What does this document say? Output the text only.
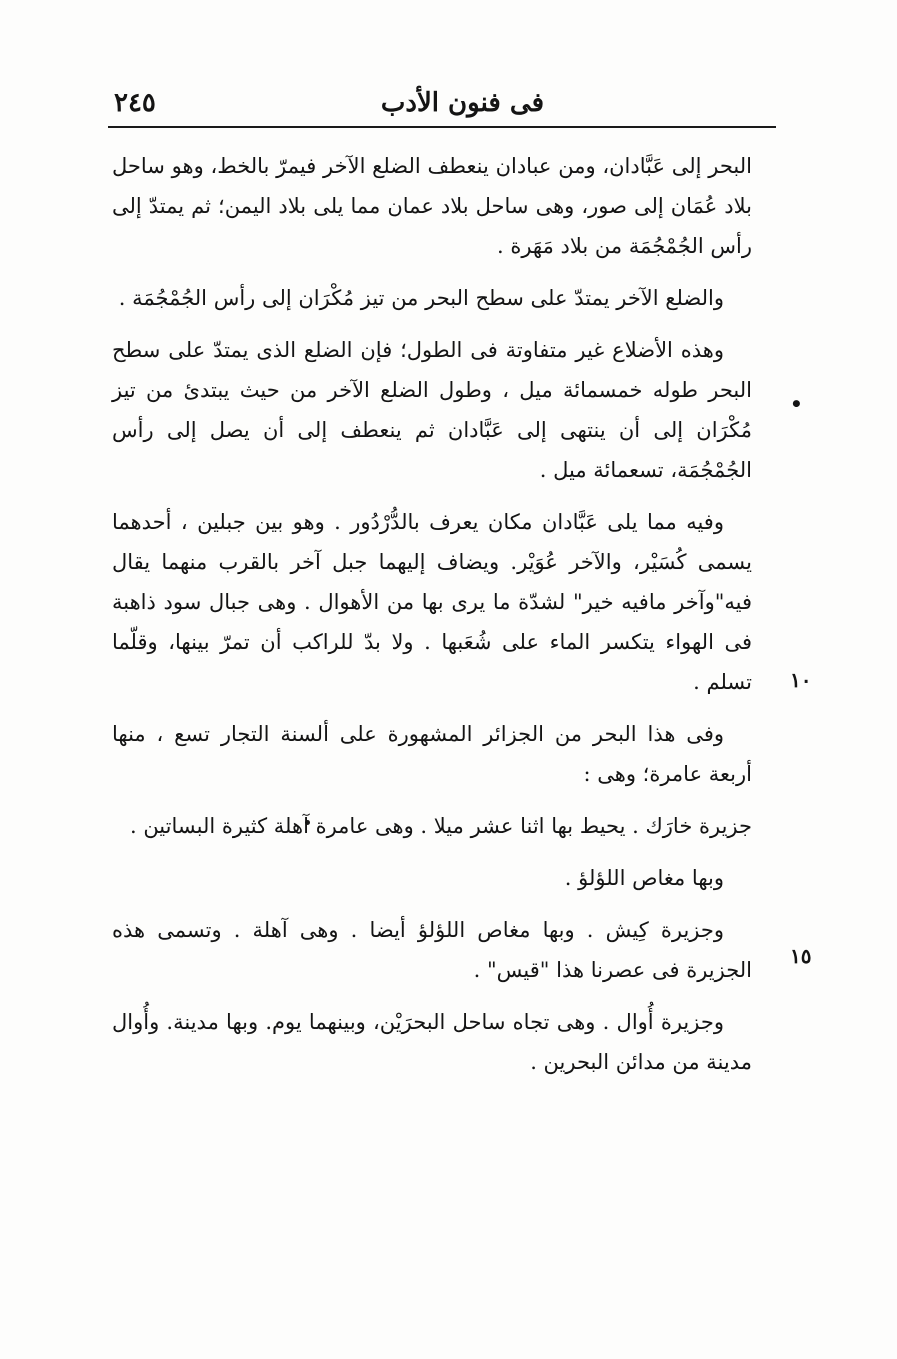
فى فنون الأدب
٢٤٥
•
١٠
١٥

البحر إلى عَبَّادان، ومن عبادان ينعطف الضلع الآخر فيمرّ بالخط، وهو ساحل بلاد عُمَان إلى صور، وهى ساحل بلاد عمان مما يلى بلاد اليمن؛ ثم يمتدّ إلى رأس الجُمْجُمَة من بلاد مَهَرة .

والضلع الآخر يمتدّ على سطح البحر من تيز مُكْرَان إلى رأس الجُمْجُمَة .

وهذه الأضلاع غير متفاوتة فى الطول؛ فإن الضلع الذى يمتدّ على سطح البحر طوله خمسمائة ميل ، وطول الضلع الآخر من حيث يبتدئ من تيز مُكْرَان إلى أن ينتهى إلى عَبَّادان ثم ينعطف إلى أن يصل إلى رأس الجُمْجُمَة، تسعمائة ميل .

وفيه مما يلى عَبَّادان مكان يعرف بالدُّرْدُور . وهو بين جبلين ، أحدهما يسمى كُسَيْر، والآخر عُوَيْر. ويضاف إليهما جبل آخر بالقرب منهما يقال فيه"وآخر مافيه خير" لشدّة ما يرى بها من الأهوال . وهى جبال سود ذاهبة فى الهواء يتكسر الماء على شُعَبها . ولا بدّ للراكب أن تمرّ بينها، وقلّما تسلم .

وفى هذا البحر من الجزائر المشهورة على ألسنة التجار تسع ، منها أربعة عامرة؛ وهى :

جزيرة خارَك . يحيط بها اثنا عشر ميلا . وهى عامرة آهلة كثيرة البساتين .

وبها مغاص اللؤلؤ .

وجزيرة كِيش . وبها مغاص اللؤلؤ أيضا . وهى آهلة . وتسمى هذه الجزيرة فى عصرنا هذا "قيس" .

وجزيرة أُوال . وهى تجاه ساحل البحرَيْن، وبينهما يوم. وبها مدينة. وأُوال مدينة من مدائن البحرين .
